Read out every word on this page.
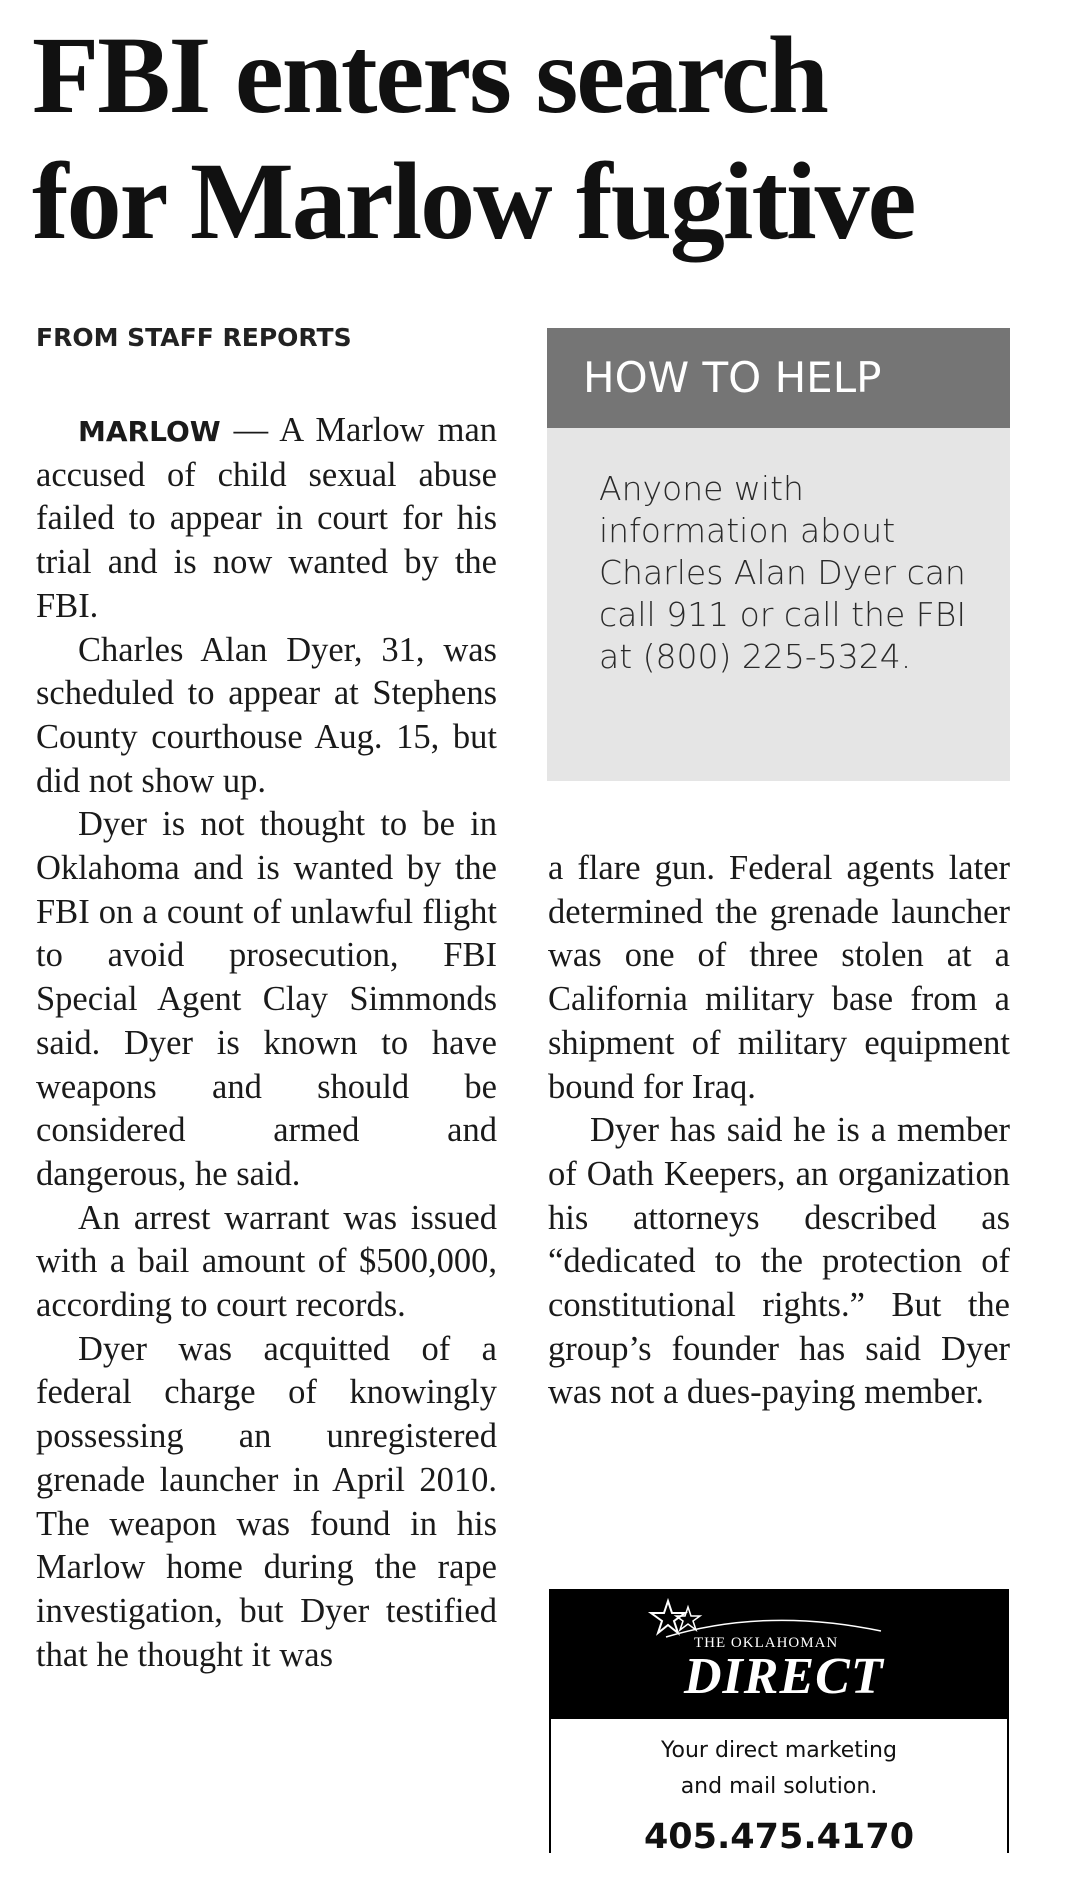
FBI enters search
for Marlow fugitive
FROM STAFF REPORTS

MARLOW — A Marlow man accused of child sexual abuse failed to appear in court for his trial and is now wanted by the FBI.

Charles Alan Dyer, 31, was scheduled to appear at Stephens County courthouse Aug. 15, but did not show up.

Dyer is not thought to be in Oklahoma and is wanted by the FBI on a count of unlawful flight to avoid prosecution, FBI Special Agent Clay Simmonds said. Dyer is known to have weapons and should be considered armed and dangerous, he said.

An arrest warrant was issued with a bail amount of $500,000, according to court records.

Dyer was acquitted of a federal charge of knowingly possessing an unregistered grenade launcher in April 2010. The weapon was found in his Marlow home during the rape investigation, but Dyer testified that he thought it was

HOW TO HELP
Anyone with information about Charles Alan Dyer can call 911 or call the FBI at (800) 225-5324.

a flare gun. Federal agents later determined the grenade launcher was one of three stolen at a California military base from a shipment of military equipment bound for Iraq.

Dyer has said he is a member of Oath Keepers, an organization his attorneys described as “dedicated to the protection of constitutional rights.” But the group’s founder has said Dyer was not a dues-paying member.

THE OKLAHOMAN
DIRECT
Your direct marketing
and mail solution.
405.475.4170
